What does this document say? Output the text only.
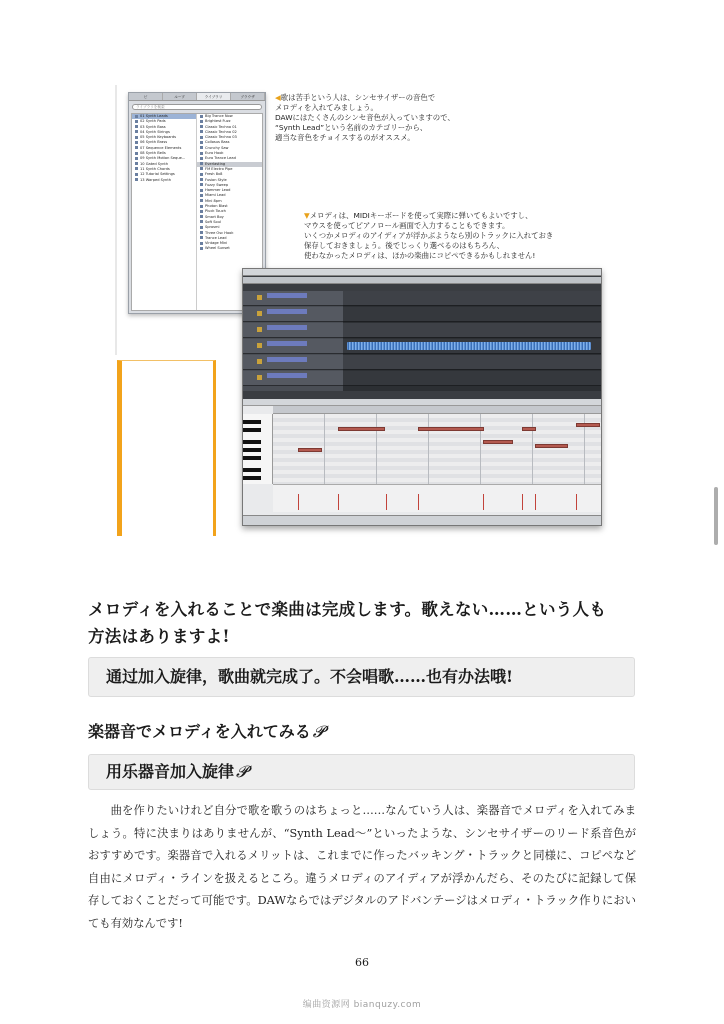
ビ	ループ	ライブラリ	ブラウザ
ライブラリを検索
01 Synth Leads
02 Synth Pads
03 Synth Bass
04 Synth Strings
05 Synth Keyboards
06 Synth Brass
07 Sequence Elements
08 Synth Bells
09 Synth Motion Seque...
10 Gated Synth
11 Synth Chords
12 Tutorial Settings
13 Warped Synth
Big Trance Now
Brightest Fuzz
Classic Techno 01
Classic Techno 02
Classic Techno 03
Collosus Bass
Crunchy Saw
Euro Hook
Euro Trance Lead
Everlasting
FM Electro Pipe
Fresh 8x8
Fusion Style
Fuzzy Sweep
Hammer Lead
Miami Lead
Mini 8pm
Photon Blast
Pluck Touch
Smart Boy
Soft Soul
Sprosmi
Three Osc Hook
Trance Lead
Vintage Mini
Wheel Sunset
◀歌は苦手という人は、シンセサイザーの音色で
メロディを入れてみましょう。
DAWにはたくさんのシンセ音色が入っていますので、
“Synth Lead”という名前のカテゴリーから、
適当な音色をチョイスするのがオススメ。
▼メロディは、MIDIキーボードを使って実際に弾いてもよいですし、
マウスを使ってピアノロール画面で入力することもできます。
いくつかメロディのアイディアが浮かぶようなら別のトラックに入れておき
保存しておきましょう。後でじっくり選べるのはもちろん、
使わなかったメロディは、ほかの楽曲にコピペできるかもしれません!
メロディを入れることで楽曲は完成します。歌えない……という人も
方法はありますよ!
通过加入旋律，歌曲就完成了。不会唱歌……也有办法哦!
楽器音でメロディを入れてみる 𝓟
用乐器音加入旋律 𝓟

曲を作りたいけれど自分で歌を歌うのはちょっと……なんていう人は、楽器音でメロディを入れてみましょう。特に決まりはありませんが、“Synth Lead〜”といったような、シンセサイザーのリード系音色がおすすめです。楽器音で入れるメリットは、これまでに作ったバッキング・トラックと同様に、コピペなど自由にメロディ・ラインを扱えるところ。違うメロディのアイディアが浮かんだら、そのたびに記録して保存しておくことだって可能です。DAWならではデジタルのアドバンテージはメロディ・トラック作りにおいても有効なんです!

66
编曲资源网 bianquzy.com
